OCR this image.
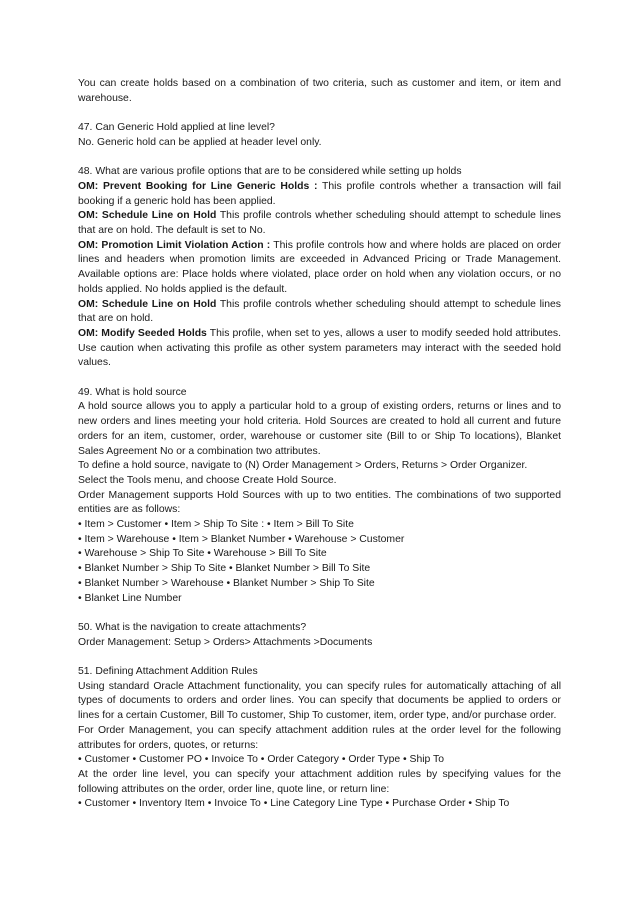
You can create holds based on a combination of two criteria, such as customer and item, or item and warehouse.

47. Can Generic Hold applied at line level?

No. Generic hold can be applied at header level only.

48. What are various profile options that are to be considered while setting up holds

OM: Prevent Booking for Line Generic Holds : This profile controls whether a transaction will fail booking if a generic hold has been applied.

OM: Schedule Line on Hold This profile controls whether scheduling should attempt to schedule lines that are on hold. The default is set to No.

OM: Promotion Limit Violation Action : This profile controls how and where holds are placed on order lines and headers when promotion limits are exceeded in Advanced Pricing or Trade Management. Available options are: Place holds where violated, place order on hold when any violation occurs, or no holds applied. No holds applied is the default.

OM: Schedule Line on Hold This profile controls whether scheduling should attempt to schedule lines that are on hold.

OM: Modify Seeded Holds This profile, when set to yes, allows a user to modify seeded hold attributes. Use caution when activating this profile as other system parameters may interact with the seeded hold values.

49. What is hold source

A hold source allows you to apply a particular hold to a group of existing orders, returns or lines and to new orders and lines meeting your hold criteria. Hold Sources are created to hold all current and future orders for an item, customer, order, warehouse or customer site (Bill to or Ship To locations), Blanket Sales Agreement No or a combination two attributes.

To define a hold source, navigate to (N) Order Management > Orders, Returns > Order Organizer.

Select the Tools menu, and choose Create Hold Source.

Order Management supports Hold Sources with up to two entities. The combinations of two supported entities are as follows:

• Item > Customer • Item > Ship To Site : • Item > Bill To Site

• Item > Warehouse • Item > Blanket Number • Warehouse > Customer

• Warehouse > Ship To Site • Warehouse > Bill To Site

• Blanket Number > Ship To Site • Blanket Number > Bill To Site

• Blanket Number > Warehouse • Blanket Number > Ship To Site

• Blanket Line Number

50. What is the navigation to create attachments?

Order Management: Setup > Orders> Attachments >Documents

51. Defining Attachment Addition Rules

Using standard Oracle Attachment functionality, you can specify rules for automatically attaching of all types of documents to orders and order lines. You can specify that documents be applied to orders or lines for a certain Customer, Bill To customer, Ship To customer, item, order type, and/or purchase order.

For Order Management, you can specify attachment addition rules at the order level for the following attributes for orders, quotes, or returns:

• Customer • Customer PO • Invoice To • Order Category • Order Type • Ship To

At the order line level, you can specify your attachment addition rules by specifying values for the following attributes on the order, order line, quote line, or return line:

• Customer • Inventory Item • Invoice To • Line Category Line Type • Purchase Order • Ship To
